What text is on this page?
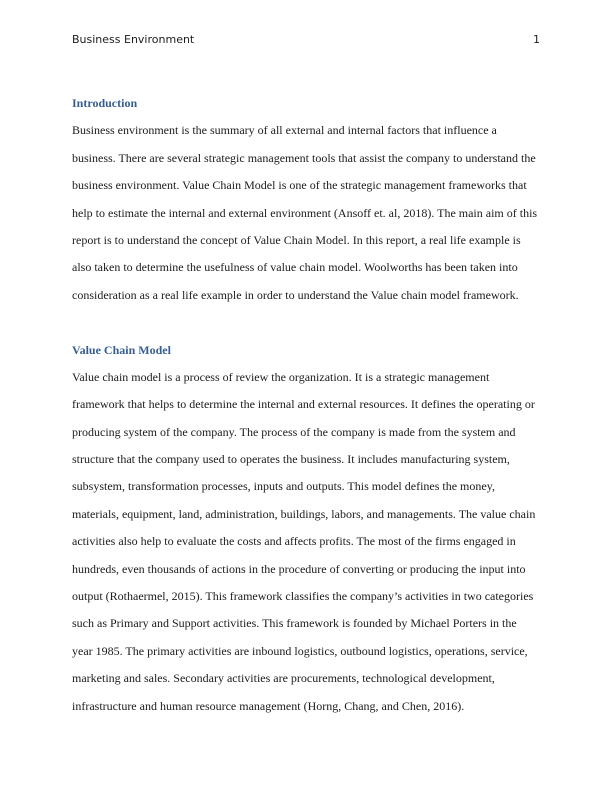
Business Environment	1
Introduction
Business environment is the summary of all external and internal factors that influence a
business. There are several strategic management tools that assist the company to understand the
business environment. Value Chain Model is one of the strategic management frameworks that
help to estimate the internal and external environment (Ansoff et. al, 2018). The main aim of this
report is to understand the concept of Value Chain Model. In this report, a real life example is
also taken to determine the usefulness of value chain model. Woolworths has been taken into
consideration as a real life example in order to understand the Value chain model framework.
Value Chain Model
Value chain model is a process of review the organization. It is a strategic management
framework that helps to determine the internal and external resources. It defines the operating or
producing system of the company. The process of the company is made from the system and
structure that the company used to operates the business. It includes manufacturing system,
subsystem, transformation processes, inputs and outputs. This model defines the money,
materials, equipment, land, administration, buildings, labors, and managements. The value chain
activities also help to evaluate the costs and affects profits. The most of the firms engaged in
hundreds, even thousands of actions in the procedure of converting or producing the input into
output (Rothaermel, 2015). This framework classifies the company’s activities in two categories
such as Primary and Support activities. This framework is founded by Michael Porters in the
year 1985. The primary activities are inbound logistics, outbound logistics, operations, service,
marketing and sales. Secondary activities are procurements, technological development,
infrastructure and human resource management (Horng, Chang, and Chen, 2016).
